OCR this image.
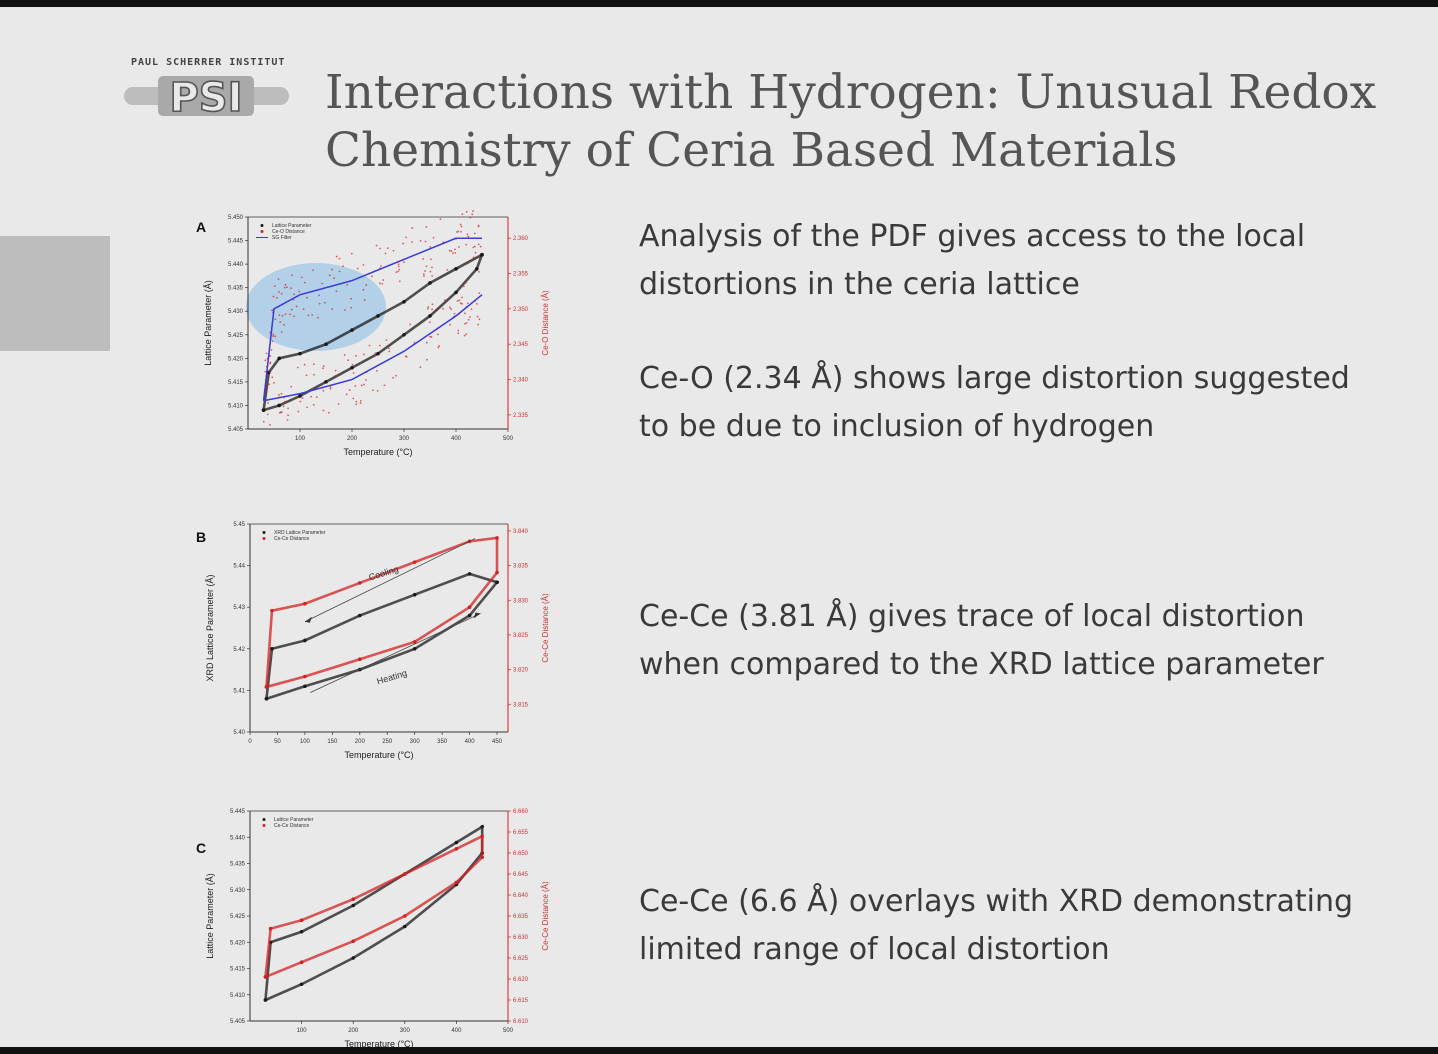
PAUL SCHERRER INSTITUT
PSI Interactions with Hydrogen: Unusual Redox
Chemistry of Ceria Based Materials
A
100	200	300	400	500
5.405
5.410
5.415
5.420
5.425
5.430
5.435
5.440
5.445
5.450
2.335
2.340
2.345
2.350
2.355
2.360
Temperature (°C)
Lattice Parameter (Å)	Ce-O Distance (Å)
Lattice Parameter
Ce-O Distance
SG Filter
B
0	50	100	150	200	250	300	350	400	450
5.40
5.41
5.42
5.43
5.44
5.45
3.815
3.820
3.825
3.830
3.835
3.840
Temperature (°C)
XRD Lattice Parameter (Å)	Ce-Ce Distance (Å)
XRD Lattice Parameter
Ce-Ce Distance
Cooling
Heating
C
100	200	300	400	500
5.405
5.410
5.415
5.420
5.425
5.430
5.435
5.440
5.445
6.610
6.615
6.620
6.625
6.630
6.635
6.640
6.645
6.650
6.655
6.660
Temperature (°C)
Lattice Parameter (Å)	Ce-Ce Distance (Å)
Lattice Parameter
Ce-Ce Distance
Analysis of the PDF gives access to the local
distortions in the ceria lattice
Ce-O (2.34 Å) shows large distortion suggested
to be due to inclusion of hydrogen
Ce-Ce (3.81 Å) gives trace of local distortion
when compared to the XRD lattice parameter
Ce-Ce (6.6 Å) overlays with XRD demonstrating
limited range of local distortion
